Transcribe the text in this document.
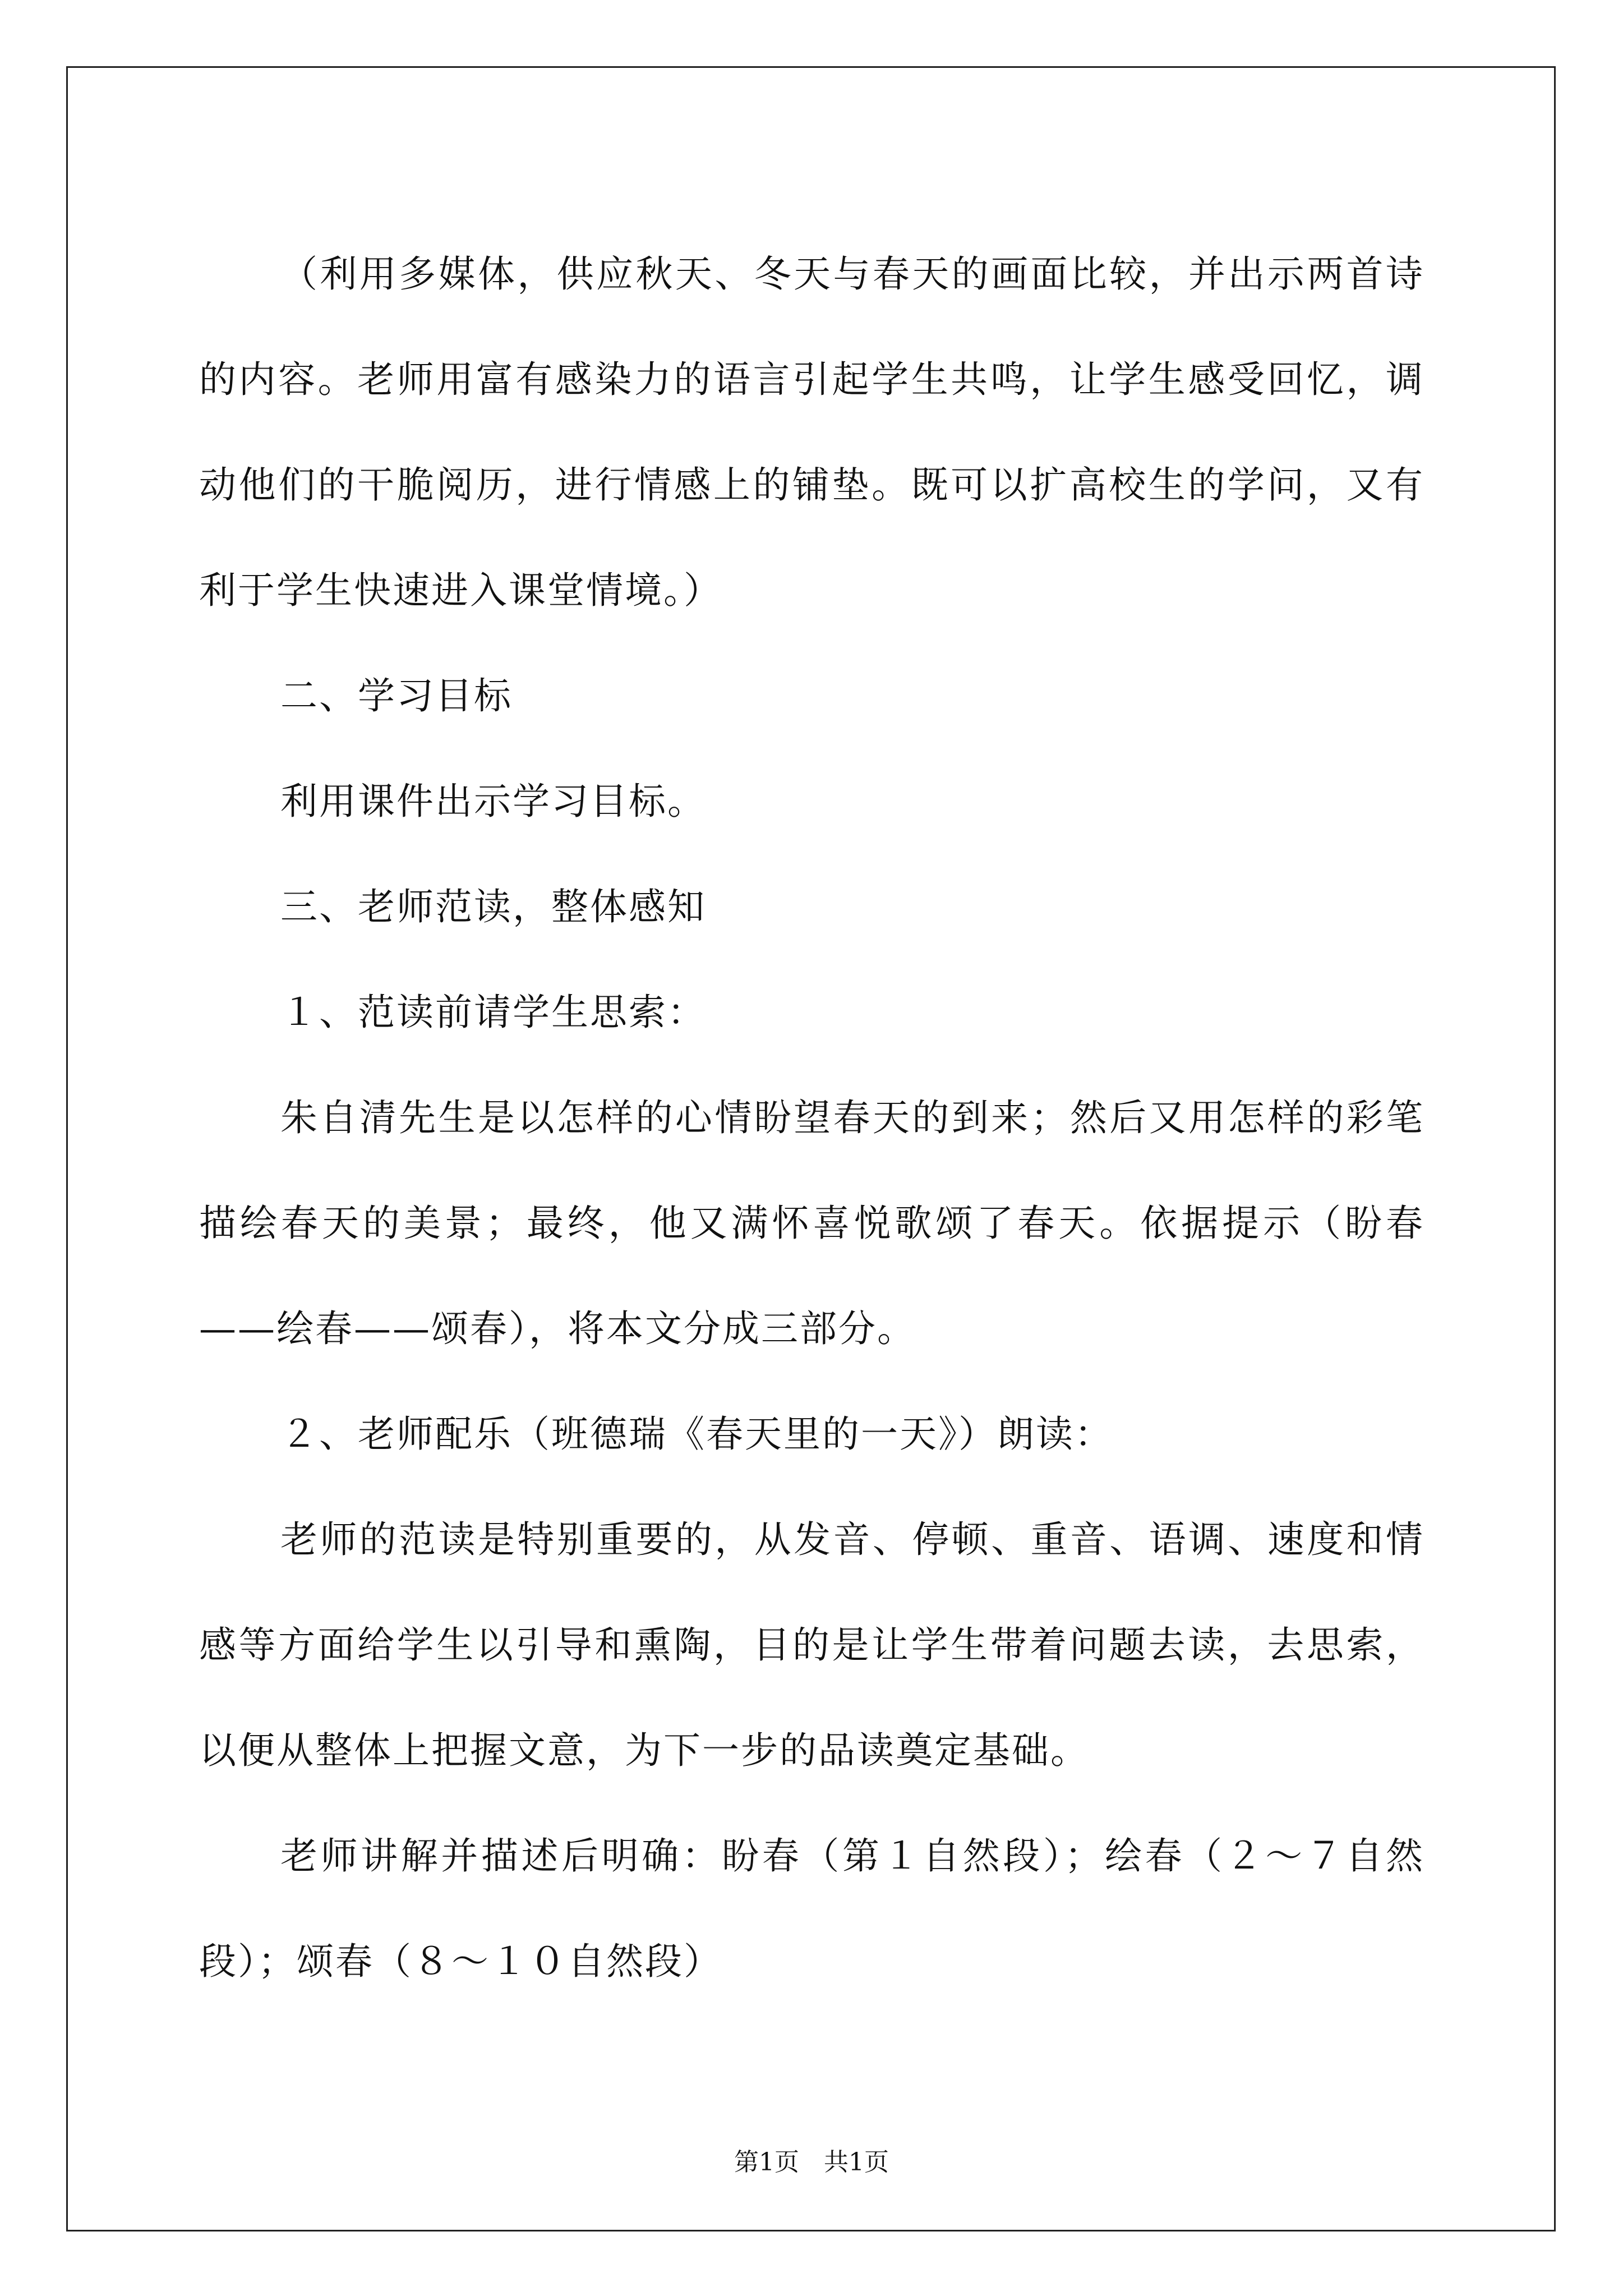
（利用多媒体，供应秋天、冬天与春天的画面比较，并出示两首诗的内容。老师用富有感染力的语言引起学生共鸣，让学生感受回忆，调动他们的干脆阅历，进行情感上的铺垫。既可以扩高校生的学问，又有利于学生快速进入课堂情境。）

二、学习目标

利用课件出示学习目标。

三、老师范读，整体感知

１、范读前请学生思索：

朱自清先生是以怎样的心情盼望春天的到来；然后又用怎样的彩笔描绘春天的美景；最终，他又满怀喜悦歌颂了春天。依据提示（盼春——绘春——颂春），将本文分成三部分。

２、老师配乐（班德瑞《春天里的一天》）朗读：

老师的范读是特别重要的，从发音、停顿、重音、语调、速度和情感等方面给学生以引导和熏陶，目的是让学生带着问题去读，去思索，以便从整体上把握文意，为下一步的品读奠定基础。

老师讲解并描述后明确：盼春（第１自然段）；绘春（２～７自然段）；颂春（８～１０自然段）

第1页　共1页
